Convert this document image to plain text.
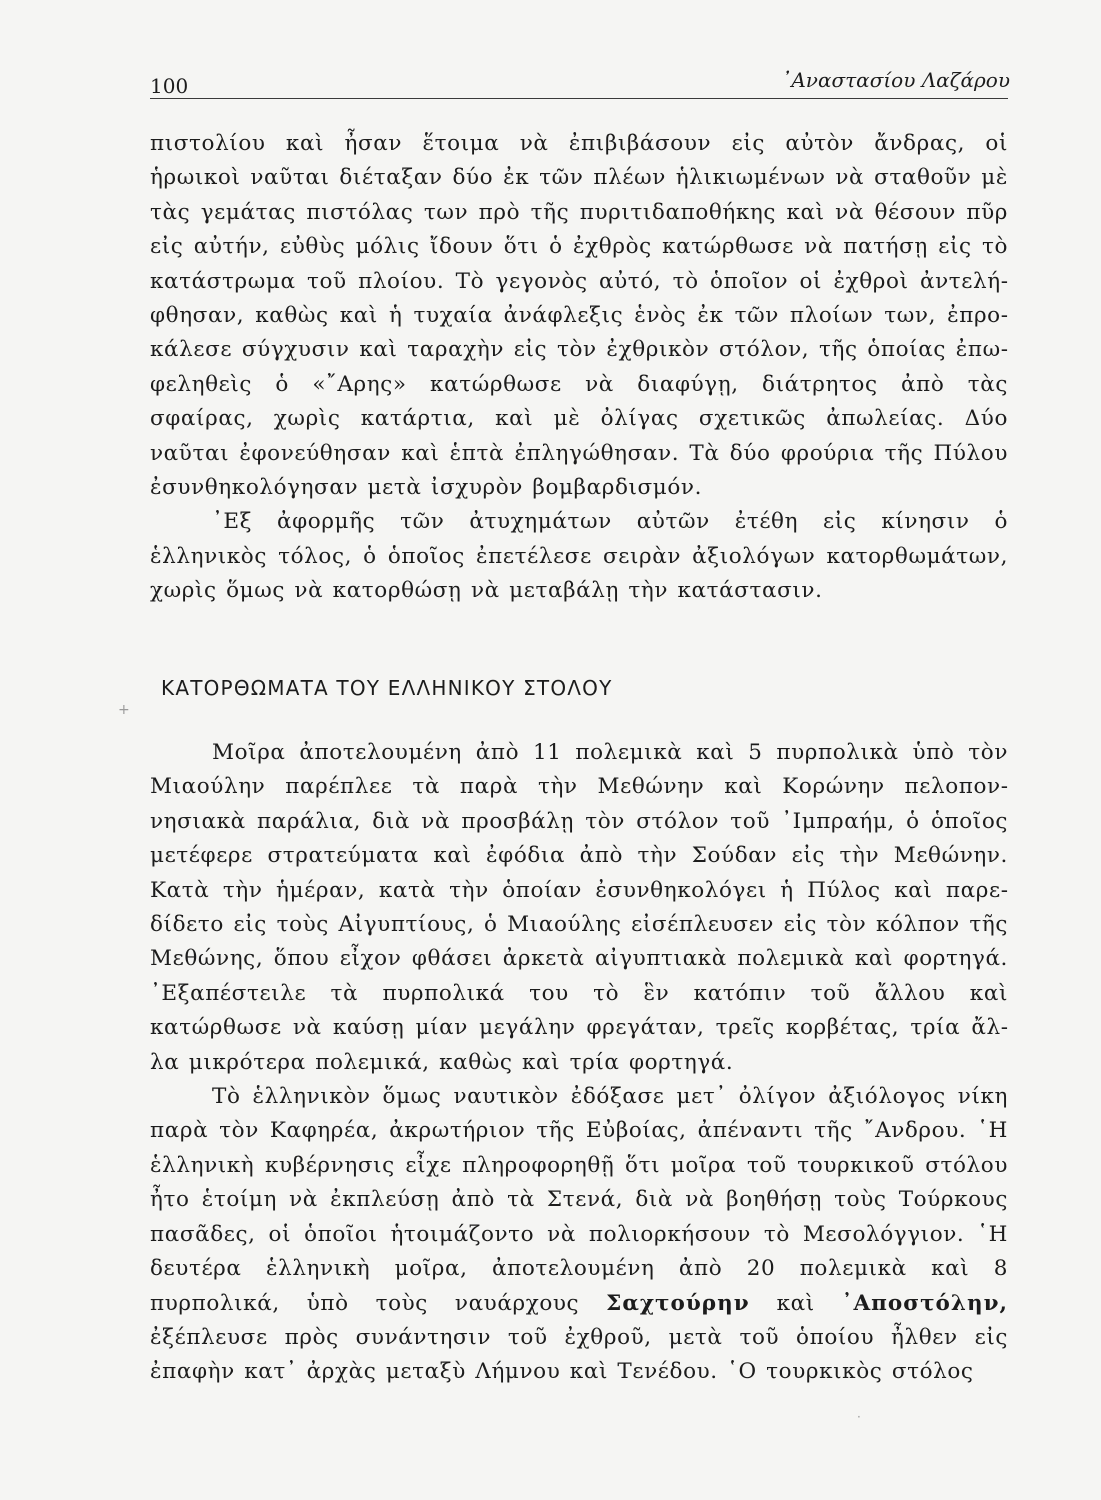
100	᾿Αναστασίου Λαζάρου

πιστολίου καὶ ἦσαν ἕτοιμα νὰ ἐπιβιβάσουν εἰς αὐτὸν ἄνδρας, οἱ ἡρωικοὶ ναῦται διέταξαν δύο ἐκ τῶν πλέων ἡλικιωμένων νὰ σταθοῦν μὲ τὰς γεμάτας πιστόλας των πρὸ τῆς πυριτιδαποθήκης καὶ νὰ θέσουν πῦρ εἰς αὐτήν, εὐθὺς μόλις ἴδουν ὅτι ὁ ἐχθρὸς κατώρθωσε νὰ πατήσῃ εἰς τὸ κατάστρωμα τοῦ πλοίου. Τὸ γεγονὸς αὐτό, τὸ ὁποῖον οἱ ἐχθροὶ ἀντελήφθησαν, καθὼς καὶ ἡ τυχαία ἀνάφλεξις ἑνὸς ἐκ τῶν πλοίων των, ἐπροκάλεσε σύγχυσιν καὶ ταραχὴν εἰς τὸν ἐχθρικὸν στόλον, τῆς ὁποίας ἐπωφεληθεὶς ὁ «῎Αρης» κατώρθωσε νὰ διαφύγῃ, διάτρητος ἀπὸ τὰς σφαίρας, χωρὶς κατάρτια, καὶ μὲ ὀλίγας σχετικῶς ἀπωλείας. Δύο ναῦται ἐφονεύθησαν καὶ ἑπτὰ ἐπληγώθησαν. Τὰ δύο φρούρια τῆς Πύλου ἐσυνθηκολόγησαν μετὰ ἰσχυρὸν βομβαρδισμόν.

᾿Εξ ἀφορμῆς τῶν ἀτυχημάτων αὐτῶν ἐτέθη εἰς κίνησιν ὁ ἑλληνικὸς τόλος, ὁ ὁποῖος ἐπετέλεσε σειρὰν ἀξιολόγων κατορθωμάτων, χωρὶς ὅμως νὰ κατορθώσῃ νὰ μεταβάλῃ τὴν κατάστασιν.

ΚΑΤΟΡΘΩΜΑΤΑ ΤΟΥ ΕΛΛΗΝΙΚΟΥ ΣΤΟΛΟΥ

Μοῖρα ἀποτελουμένη ἀπὸ 11 πολεμικὰ καὶ 5 πυρπολικὰ ὑπὸ τὸν Μιαούλην παρέπλεε τὰ παρὰ τὴν Μεθώνην καὶ Κορώνην πελοποννησιακὰ παράλια, διὰ νὰ προσβάλῃ τὸν στόλον τοῦ ᾿Ιμπραήμ, ὁ ὁποῖος μετέφερε στρατεύματα καὶ ἐφόδια ἀπὸ τὴν Σούδαν εἰς τὴν Μεθώνην. Κατὰ τὴν ἡμέραν, κατὰ τὴν ὁποίαν ἐσυνθηκολόγει ἡ Πύλος καὶ παρεδίδετο εἰς τοὺς Αἰγυπτίους, ὁ Μιαούλης εἰσέπλευσεν εἰς τὸν κόλπον τῆς Μεθώνης, ὅπου εἶχον φθάσει ἀρκετὰ αἰγυπτιακὰ πολεμικὰ καὶ φορτηγά. ᾿Εξαπέστειλε τὰ πυρπολικά του τὸ ἓν κατόπιν τοῦ ἄλλου καὶ κατώρθωσε νὰ καύσῃ μίαν μεγάλην φρεγάταν, τρεῖς κορβέτας, τρία ἄλλα μικρότερα πολεμικά, καθὼς καὶ τρία φορτηγά.

Τὸ ἑλληνικὸν ὅμως ναυτικὸν ἐδόξασε μετ᾿ ὀλίγον ἀξιόλογος νίκη παρὰ τὸν Καφηρέα, ἀκρωτήριον τῆς Εὐβοίας, ἀπέναντι τῆς ῎Ανδρου. ῾Η ἑλληνικὴ κυβέρνησις εἶχε πληροφορηθῇ ὅτι μοῖρα τοῦ τουρκικοῦ στόλου ἦτο ἑτοίμη νὰ ἐκπλεύσῃ ἀπὸ τὰ Στενά, διὰ νὰ βοηθήσῃ τοὺς Τούρκους πασᾶδες, οἱ ὁποῖοι ἡτοιμάζοντο νὰ πολιορκήσουν τὸ Μεσολόγγιον. ῾Η δευτέρα ἑλληνικὴ μοῖρα, ἀποτελουμένη ἀπὸ 20 πολεμικὰ καὶ 8 πυρπολικά, ὑπὸ τοὺς ναυάρχους Σαχτούρην καὶ ᾿Αποστόλην, ἐξέπλευσε πρὸς συνάντησιν τοῦ ἐχθροῦ, μετὰ τοῦ ὁποίου ἦλθεν εἰς ἐπαφὴν κατ᾿ ἀρχὰς μεταξὺ Λήμνου καὶ Τενέδου. ῾Ο τουρκικὸς στόλος

+
·
